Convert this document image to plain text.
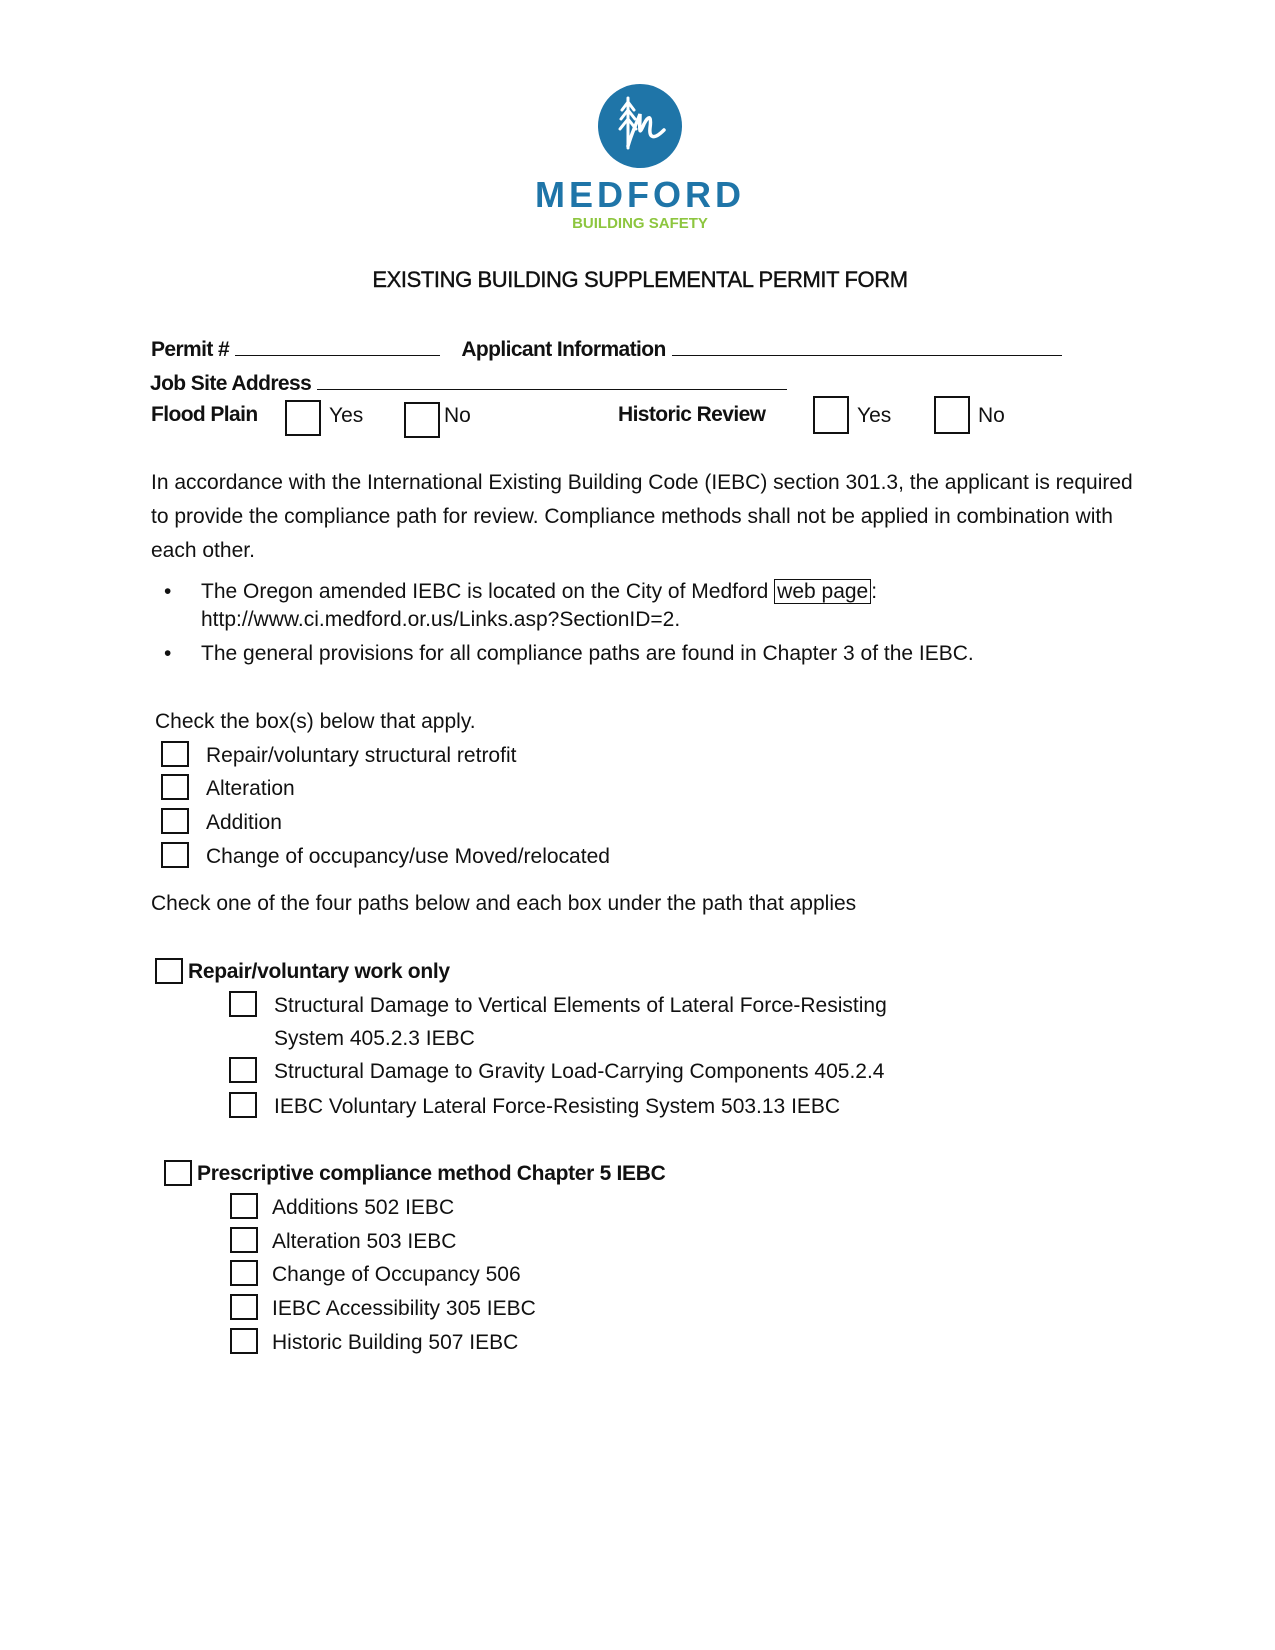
MEDFORD
BUILDING SAFETY
EXISTING BUILDING SUPPLEMENTAL PERMIT FORM
Permit #	Applicant Information
Job Site Address
Flood Plain	Yes	No	Historic Review	Yes	No

In accordance with the International Existing Building Code (IEBC) section 301.3, the applicant is required to provide the compliance path for review. Compliance methods shall not be applied in combination with each other.

•	The Oregon amended IEBC is located on the City of Medford web page :
http://www.ci.medford.or.us/Links.asp?SectionID=2.
•	The general provisions for all compliance paths are found in Chapter 3 of the IEBC.
Check the box(s) below that apply.
Repair/voluntary structural retrofit
Alteration
Addition
Change of occupancy/use Moved/relocated
Check one of the four paths below and each box under the path that applies
Repair/voluntary work only
Structural Damage to Vertical Elements of Lateral Force-Resisting
System 405.2.3 IEBC
Structural Damage to Gravity Load-Carrying Components 405.2.4
IEBC Voluntary Lateral Force-Resisting System 503.13 IEBC
Prescriptive compliance method Chapter 5 IEBC
Additions 502 IEBC
Alteration 503 IEBC
Change of Occupancy 506
IEBC Accessibility 305 IEBC
Historic Building 507 IEBC
